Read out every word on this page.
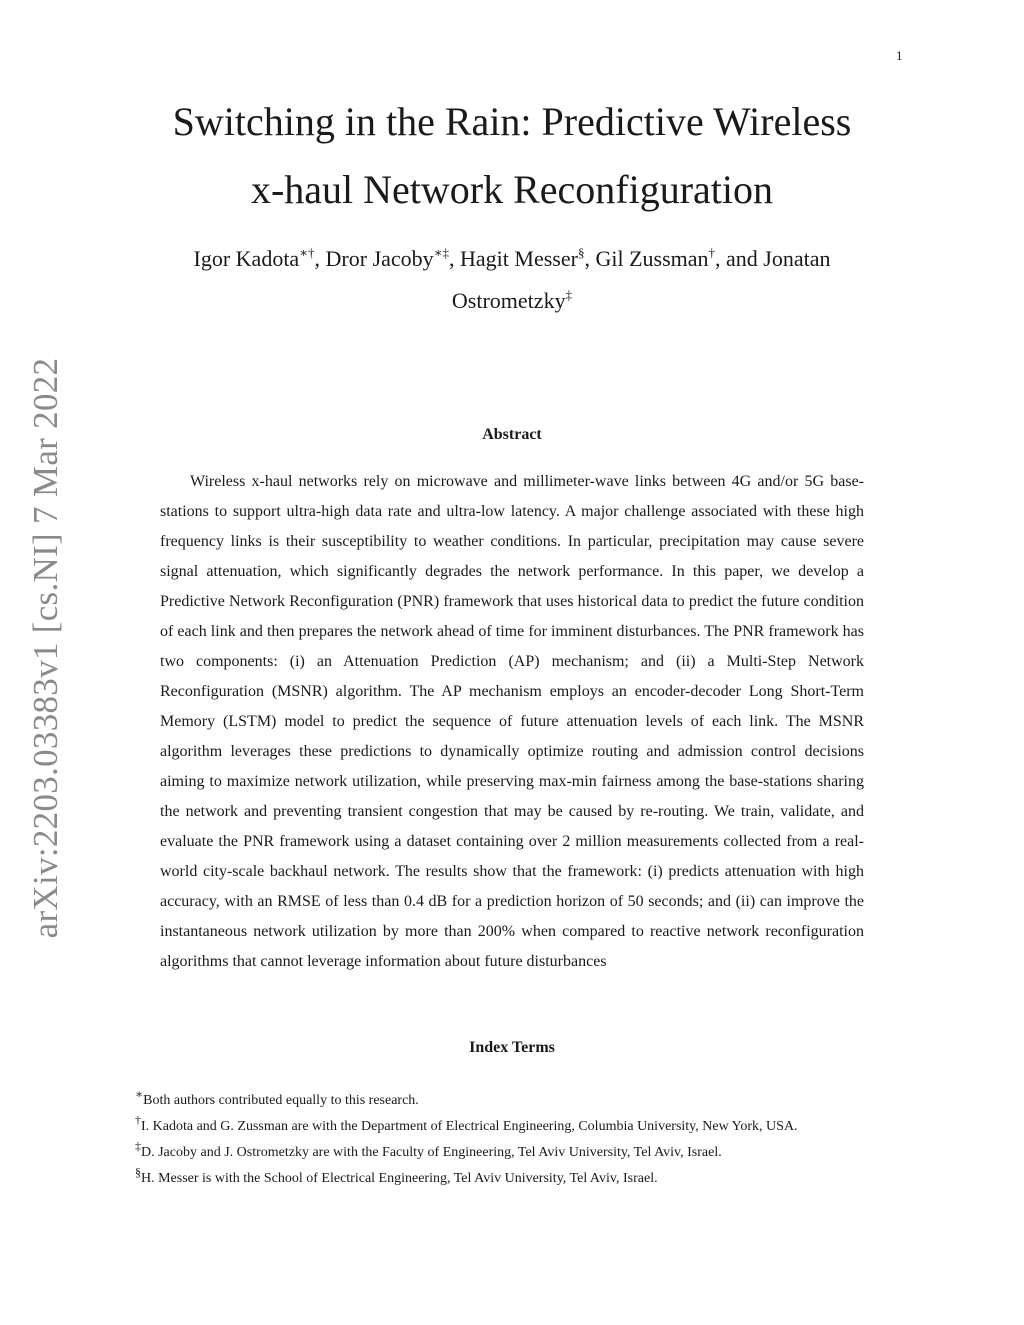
1
arXiv:2203.03383v1 [cs.NI] 7 Mar 2022
Switching in the Rain: Predictive Wireless
x-haul Network Reconfiguration
Igor Kadota∗†, Dror Jacoby∗‡, Hagit Messer§, Gil Zussman†, and Jonatan Ostrometzky‡
Abstract

Wireless x-haul networks rely on microwave and millimeter-wave links between 4G and/or 5G base-stations to support ultra-high data rate and ultra-low latency. A major challenge associated with these high frequency links is their susceptibility to weather conditions. In particular, precipitation may cause severe signal attenuation, which significantly degrades the network performance. In this paper, we develop a Predictive Network Reconfiguration (PNR) framework that uses historical data to predict the future condition of each link and then prepares the network ahead of time for imminent disturbances. The PNR framework has two components: (i) an Attenuation Prediction (AP) mechanism; and (ii) a Multi-Step Network Reconfiguration (MSNR) algorithm. The AP mechanism employs an encoder-decoder Long Short-Term Memory (LSTM) model to predict the sequence of future attenuation levels of each link. The MSNR algorithm leverages these predictions to dynamically optimize routing and admission control decisions aiming to maximize network utilization, while preserving max-min fairness among the base-stations sharing the network and preventing transient congestion that may be caused by re-routing. We train, validate, and evaluate the PNR framework using a dataset containing over 2 million measurements collected from a real-world city-scale backhaul network. The results show that the framework: (i) predicts attenuation with high accuracy, with an RMSE of less than 0.4 dB for a prediction horizon of 50 seconds; and (ii) can improve the instantaneous network utilization by more than 200% when compared to reactive network reconfiguration algorithms that cannot leverage information about future disturbances

Index Terms
∗Both authors contributed equally to this research.
†I. Kadota and G. Zussman are with the Department of Electrical Engineering, Columbia University, New York, USA.
‡D. Jacoby and J. Ostrometzky are with the Faculty of Engineering, Tel Aviv University, Tel Aviv, Israel.
§H. Messer is with the School of Electrical Engineering, Tel Aviv University, Tel Aviv, Israel.
